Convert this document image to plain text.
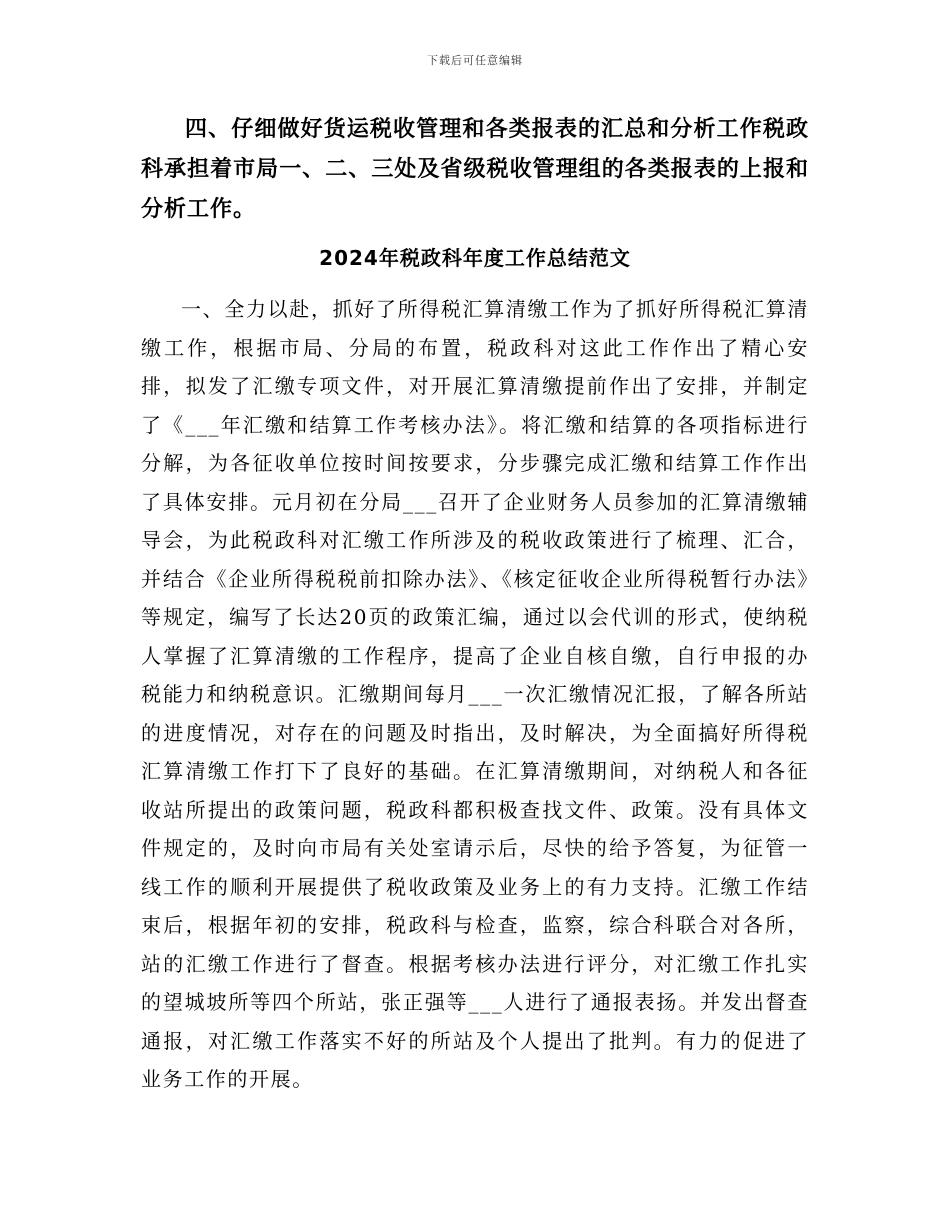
下载后可任意编辑

四、仔细做好货运税收管理和各类报表的汇总和分析工作税政科承担着市局一、二、三处及省级税收管理组的各类报表的上报和分析工作。

2024年税政科年度工作总结范文

一、全力以赴，抓好了所得税汇算清缴工作为了抓好所得税汇算清缴工作，根据市局、分局的布置，税政科对这此工作作出了精心安排，拟发了汇缴专项文件，对开展汇算清缴提前作出了安排，并制定了《___年汇缴和结算工作考核办法》。将汇缴和结算的各项指标进行分解，为各征收单位按时间按要求，分步骤完成汇缴和结算工作作出了具体安排。元月初在分局___召开了企业财务人员参加的汇算清缴辅导会，为此税政科对汇缴工作所涉及的税收政策进行了梳理、汇合，并结合《企业所得税税前扣除办法》、《核定征收企业所得税暂行办法》等规定，编写了长达20页的政策汇编，通过以会代训的形式，使纳税人掌握了汇算清缴的工作程序，提高了企业自核自缴，自行申报的办税能力和纳税意识。汇缴期间每月___一次汇缴情况汇报，了解各所站的进度情况，对存在的问题及时指出，及时解决，为全面搞好所得税汇算清缴工作打下了良好的基础。在汇算清缴期间，对纳税人和各征收站所提出的政策问题，税政科都积极查找文件、政策。没有具体文件规定的，及时向市局有关处室请示后，尽快的给予答复，为征管一线工作的顺利开展提供了税收政策及业务上的有力支持。汇缴工作结束后，根据年初的安排，税政科与检查，监察，综合科联合对各所，站的汇缴工作进行了督查。根据考核办法进行评分，对汇缴工作扎实的望城坡所等四个所站，张正强等___人进行了通报表扬。并发出督查通报，对汇缴工作落实不好的所站及个人提出了批判。有力的促进了业务工作的开展。
